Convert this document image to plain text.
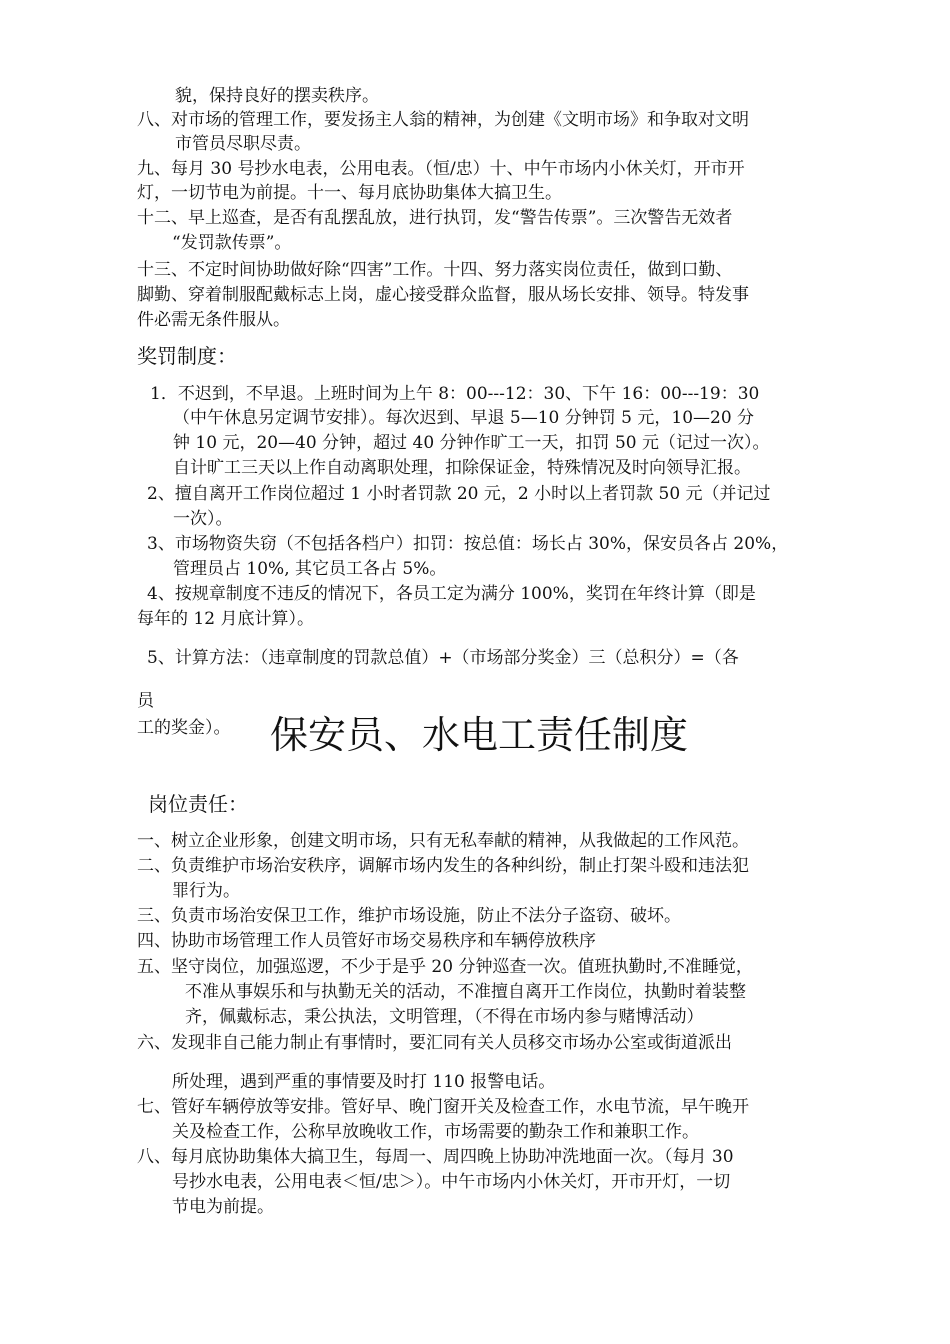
貌，保持良好的摆卖秩序。
八、对市场的管理工作，要发扬主人翁的精神，为创建《文明市场》和争取对文明
市管员尽职尽责。
九、每月 30 号抄水电表，公用电表。（恒/忠）十、中午市场内小休关灯，开市开
灯，一切节电为前提。十一、每月底协助集体大搞卫生。
十二、早上巡查，是否有乱摆乱放，进行执罚，发“警告传票”。三次警告无效者
“发罚款传票”。
十三、不定时间协助做好除“四害”工作。十四、努力落实岗位责任，做到口勤、
脚勤、穿着制服配戴标志上岗，虚心接受群众监督，服从场长安排、领导。特发事
件必需无条件服从。
奖罚制度：
1．不迟到，不早退。上班时间为上午 8：00---12：30、下午 16：00---19：30
（中午休息另定调节安排）。每次迟到、早退 5—10 分钟罚 5 元，10—20 分
钟 10 元，20—40 分钟，超过 40 分钟作旷工一天，扣罚 50 元（记过一次）。
自计旷工三天以上作自动离职处理，扣除保证金，特殊情况及时向领导汇报。
2、擅自离开工作岗位超过 1 小时者罚款 20 元，2 小时以上者罚款 50 元（并记过
一次）。
3、市场物资失窃（不包括各档户）扣罚：按总值：场长占 30%，保安员各占 20%，
管理员占 10%, 其它员工各占 5%。
4、按规章制度不违反的情况下，各员工定为满分 100%，奖罚在年终计算（即是
每年的 12 月底计算）。
5、计算方法：（违章制度的罚款总值）+（市场部分奖金）三（总积分）=（各
员
工的奖金）。 保安员、水电工责任制度
岗位责任：
一、树立企业形象，创建文明市场，只有无私奉献的精神，从我做起的工作风范。
二、负责维护市场治安秩序，调解市场内发生的各种纠纷，制止打架斗殴和违法犯
罪行为。
三、负责市场治安保卫工作，维护市场设施，防止不法分子盗窃、破坏。
四、协助市场管理工作人员管好市场交易秩序和车辆停放秩序
五、坚守岗位，加强巡逻，不少于是乎 20 分钟巡查一次。值班执勤时,不准睡觉，
不准从事娱乐和与执勤无关的活动，不准擅自离开工作岗位，执勤时着装整
齐，佩戴标志，秉公执法，文明管理，（不得在市场内参与赌博活动）
六、发现非自己能力制止有事情时，要汇同有关人员移交市场办公室或街道派出
所处理，遇到严重的事情要及时打 110 报警电话。
七、管好车辆停放等安排。管好早、晚门窗开关及检查工作，水电节流，早午晚开
关及检查工作，公称早放晚收工作，市场需要的勤杂工作和兼职工作。
八、每月底协助集体大搞卫生，每周一、周四晚上协助冲洗地面一次。（每月 30
号抄水电表，公用电表＜恒/忠＞）。中午市场内小休关灯，开市开灯，一切
节电为前提。
